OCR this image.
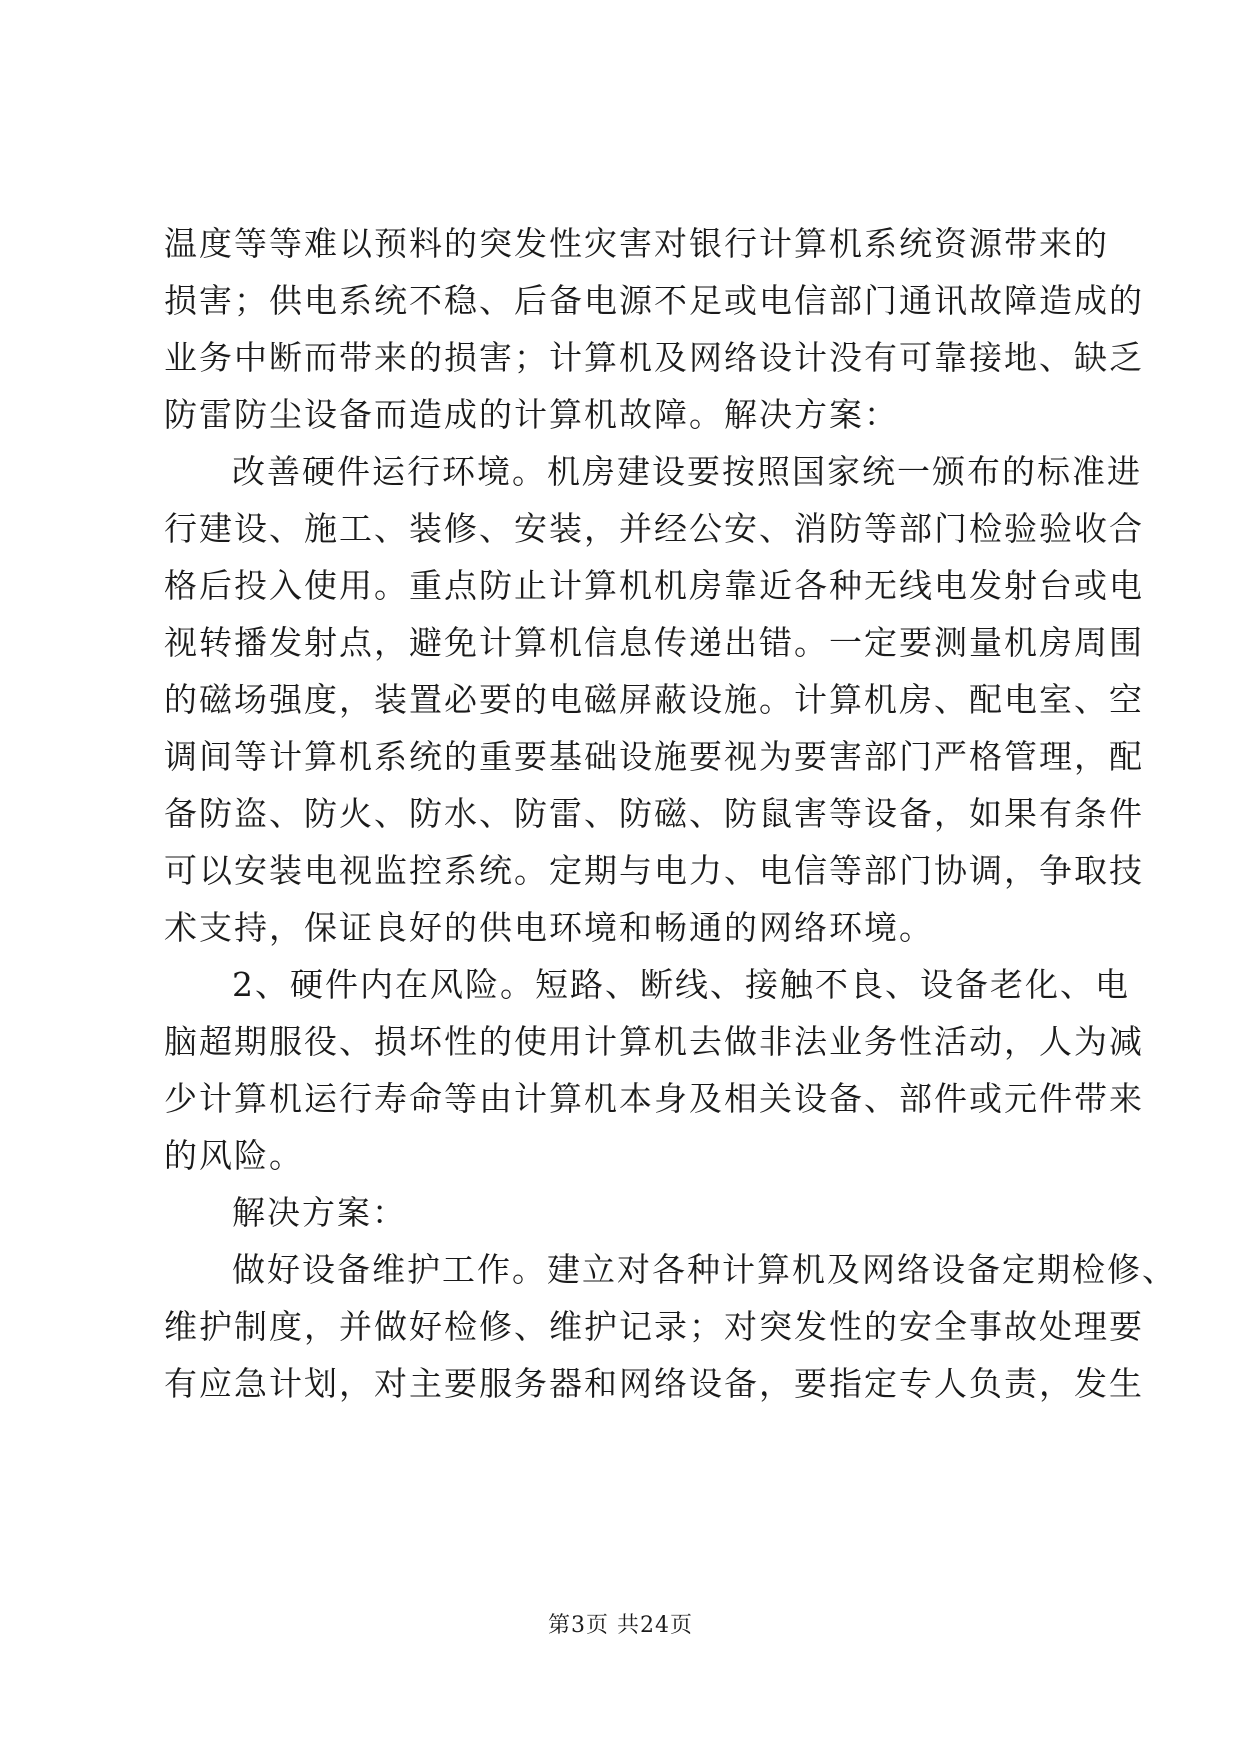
温度等等难以预料的突发性灾害对银行计算机系统资源带来的
损害；供电系统不稳、后备电源不足或电信部门通讯故障造成的
业务中断而带来的损害；计算机及网络设计没有可靠接地、缺乏
防雷防尘设备而造成的计算机故障。解决方案：
改善硬件运行环境。机房建设要按照国家统一颁布的标准进
行建设、施工、装修、安装，并经公安、消防等部门检验验收合
格后投入使用。重点防止计算机机房靠近各种无线电发射台或电
视转播发射点，避免计算机信息传递出错。一定要测量机房周围
的磁场强度，装置必要的电磁屏蔽设施。计算机房、配电室、空
调间等计算机系统的重要基础设施要视为要害部门严格管理，配
备防盗、防火、防水、防雷、防磁、防鼠害等设备，如果有条件
可以安装电视监控系统。定期与电力、电信等部门协调，争取技
术支持，保证良好的供电环境和畅通的网络环境。
2、硬件内在风险。短路、断线、接触不良、设备老化、电
脑超期服役、损坏性的使用计算机去做非法业务性活动，人为减
少计算机运行寿命等由计算机本身及相关设备、部件或元件带来
的风险。
解决方案：
做好设备维护工作。建立对各种计算机及网络设备定期检修、
维护制度，并做好检修、维护记录；对突发性的安全事故处理要
有应急计划，对主要服务器和网络设备，要指定专人负责，发生
第3页 共24页
